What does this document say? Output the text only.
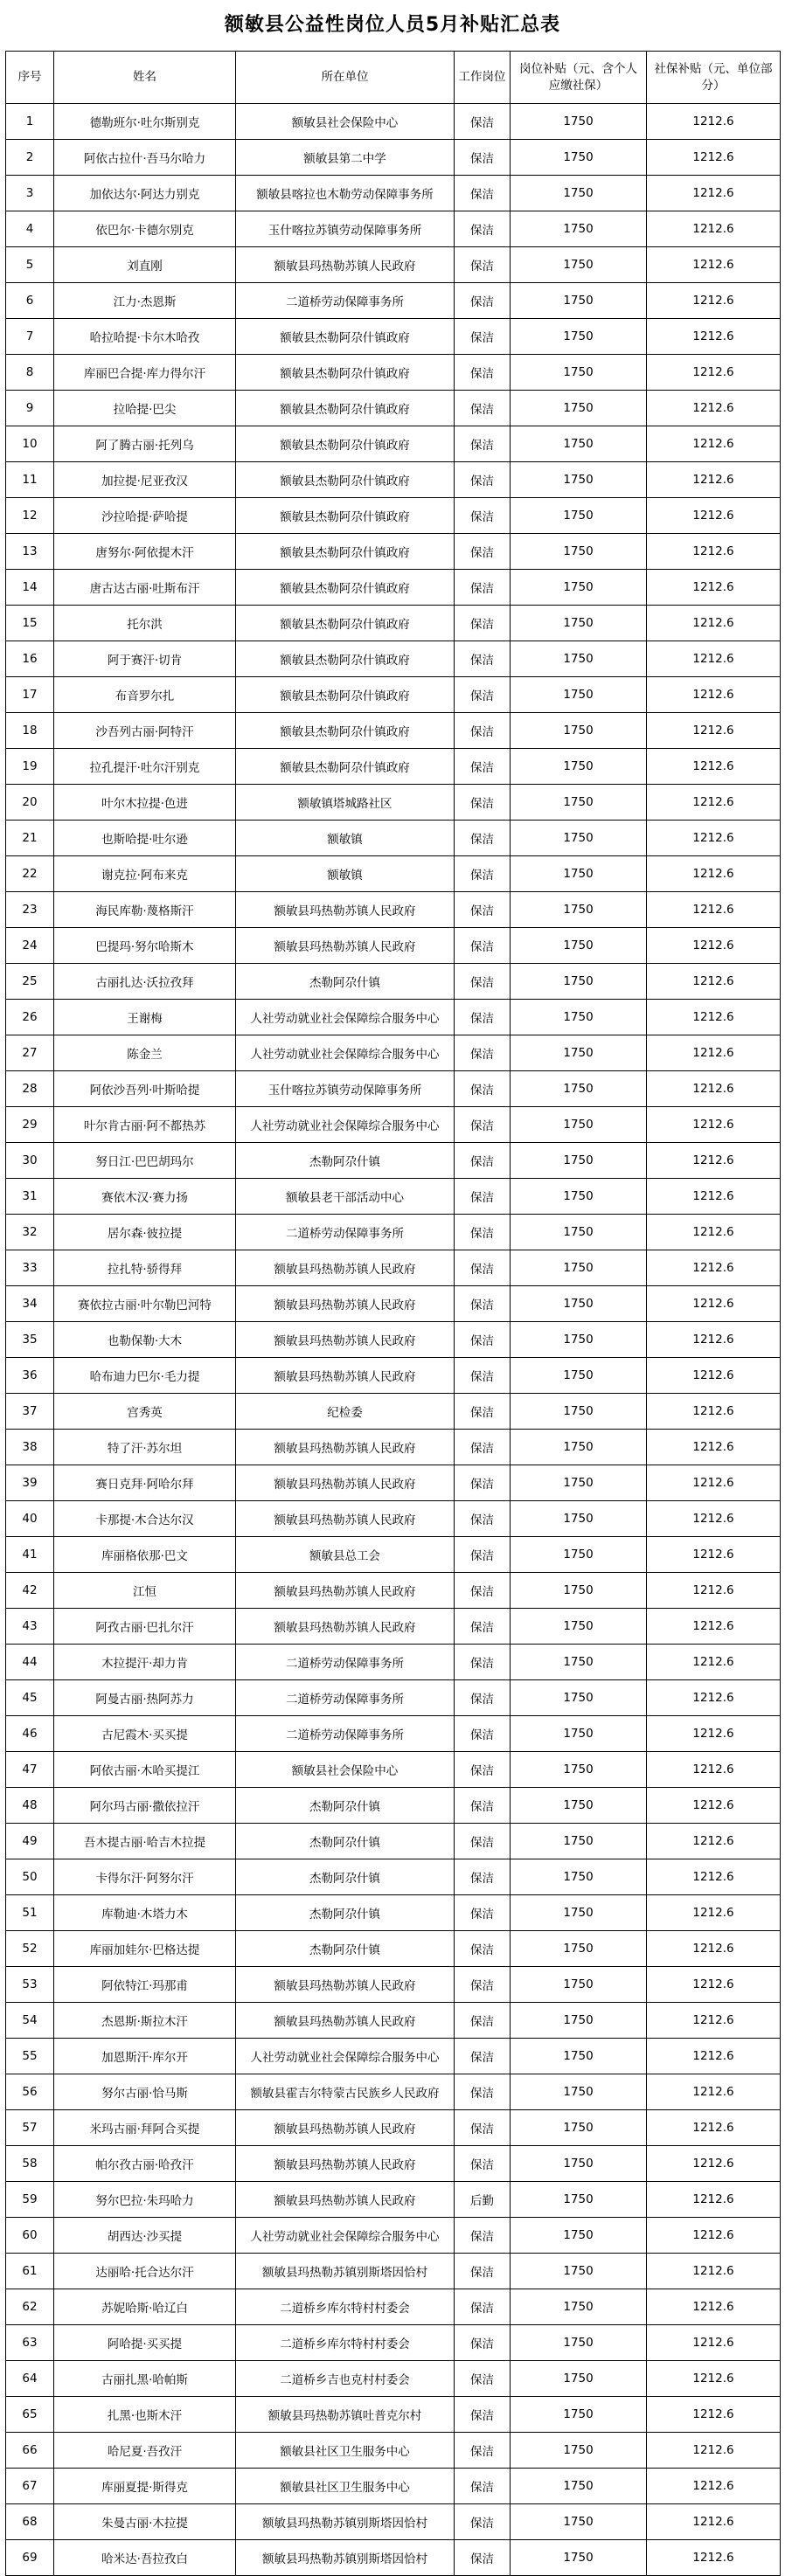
额敏县公益性岗位人员5月补贴汇总表
序号	姓名	所在单位	工作岗位	岗位补贴（元、含个人应缴社保）	社保补贴（元、单位部分）
1	德勒班尔·吐尔斯别克	额敏县社会保险中心	保洁	1750	1212.6
2	阿依古拉什·吾马尔哈力	额敏县第二中学	保洁	1750	1212.6
3	加依达尔·阿达力别克	额敏县喀拉也木勒劳动保障事务所	保洁	1750	1212.6
4	依巴尔·卡德尔别克	玉什喀拉苏镇劳动保障事务所	保洁	1750	1212.6
5	刘直刚	额敏县玛热勒苏镇人民政府	保洁	1750	1212.6
6	江力·杰恩斯	二道桥劳动保障事务所	保洁	1750	1212.6
7	哈拉哈提·卡尔木哈孜	额敏县杰勒阿尕什镇政府	保洁	1750	1212.6
8	库丽巴合提·库力得尔汗	额敏县杰勒阿尕什镇政府	保洁	1750	1212.6
9	拉哈提·巴尖	额敏县杰勒阿尕什镇政府	保洁	1750	1212.6
10	阿了腾古丽·托列乌	额敏县杰勒阿尕什镇政府	保洁	1750	1212.6
11	加拉提·尼亚孜汉	额敏县杰勒阿尕什镇政府	保洁	1750	1212.6
12	沙拉哈提·萨哈提	额敏县杰勒阿尕什镇政府	保洁	1750	1212.6
13	唐努尔·阿依提木汗	额敏县杰勒阿尕什镇政府	保洁	1750	1212.6
14	唐古达古丽·吐斯布汗	额敏县杰勒阿尕什镇政府	保洁	1750	1212.6
15	托尔洪	额敏县杰勒阿尕什镇政府	保洁	1750	1212.6
16	阿于赛汗·切肯	额敏县杰勒阿尕什镇政府	保洁	1750	1212.6
17	布音罗尔扎	额敏县杰勒阿尕什镇政府	保洁	1750	1212.6
18	沙吾列古丽·阿特汗	额敏县杰勒阿尕什镇政府	保洁	1750	1212.6
19	拉孔提汗·吐尔汗别克	额敏县杰勒阿尕什镇政府	保洁	1750	1212.6
20	叶尔木拉提·色进	额敏镇塔城路社区	保洁	1750	1212.6
21	也斯哈提·吐尔逊	额敏镇	保洁	1750	1212.6
22	谢克拉·阿布来克	额敏镇	保洁	1750	1212.6
23	海民库勒·蔑格斯汗	额敏县玛热勒苏镇人民政府	保洁	1750	1212.6
24	巴提玛·努尔哈斯木	额敏县玛热勒苏镇人民政府	保洁	1750	1212.6
25	古丽扎达·沃拉孜拜	杰勒阿尕什镇	保洁	1750	1212.6
26	王谢梅	人社劳动就业社会保障综合服务中心	保洁	1750	1212.6
27	陈金兰	人社劳动就业社会保障综合服务中心	保洁	1750	1212.6
28	阿依沙吾列·叶斯哈提	玉什喀拉苏镇劳动保障事务所	保洁	1750	1212.6
29	叶尔肯古丽·阿不都热苏	人社劳动就业社会保障综合服务中心	保洁	1750	1212.6
30	努日江·巴巴胡玛尔	杰勒阿尕什镇	保洁	1750	1212.6
31	赛依木汉·赛力扬	额敏县老干部活动中心	保洁	1750	1212.6
32	居尔森·彼拉提	二道桥劳动保障事务所	保洁	1750	1212.6
33	拉扎特·骄得拜	额敏县玛热勒苏镇人民政府	保洁	1750	1212.6
34	赛依拉古丽·叶尔勒巴河特	额敏县玛热勒苏镇人民政府	保洁	1750	1212.6
35	也勒保勒·大木	额敏县玛热勒苏镇人民政府	保洁	1750	1212.6
36	哈布迪力巴尔·毛力提	额敏县玛热勒苏镇人民政府	保洁	1750	1212.6
37	宫秀英	纪检委	保洁	1750	1212.6
38	特了汗·苏尔坦	额敏县玛热勒苏镇人民政府	保洁	1750	1212.6
39	赛日克拜·阿哈尔拜	额敏县玛热勒苏镇人民政府	保洁	1750	1212.6
40	卡那提·木合达尔汉	额敏县玛热勒苏镇人民政府	保洁	1750	1212.6
41	库丽格依那·巴文	额敏县总工会	保洁	1750	1212.6
42	江恒	额敏县玛热勒苏镇人民政府	保洁	1750	1212.6
43	阿孜古丽·巴扎尔汗	额敏县玛热勒苏镇人民政府	保洁	1750	1212.6
44	木拉提汗·却力肯	二道桥劳动保障事务所	保洁	1750	1212.6
45	阿曼古丽·热阿苏力	二道桥劳动保障事务所	保洁	1750	1212.6
46	古尼霞木·买买提	二道桥劳动保障事务所	保洁	1750	1212.6
47	阿依古丽·木哈买提江	额敏县社会保险中心	保洁	1750	1212.6
48	阿尔玛古丽·撒依拉汗	杰勒阿尕什镇	保洁	1750	1212.6
49	吾木提古丽·哈吉木拉提	杰勒阿尕什镇	保洁	1750	1212.6
50	卡得尔汗·阿努尔汗	杰勒阿尕什镇	保洁	1750	1212.6
51	库勒迪·木塔力木	杰勒阿尕什镇	保洁	1750	1212.6
52	库丽加娃尔·巴格达提	杰勒阿尕什镇	保洁	1750	1212.6
53	阿依特江·玛那甫	额敏县玛热勒苏镇人民政府	保洁	1750	1212.6
54	杰恩斯·斯拉木汗	额敏县玛热勒苏镇人民政府	保洁	1750	1212.6
55	加恩斯汗·库尔开	人社劳动就业社会保障综合服务中心	保洁	1750	1212.6
56	努尔古丽·恰马斯	额敏县霍吉尔特蒙古民族乡人民政府	保洁	1750	1212.6
57	米玛古丽·拜阿合买提	额敏县玛热勒苏镇人民政府	保洁	1750	1212.6
58	帕尔孜古丽·哈孜汗	额敏县玛热勒苏镇人民政府	保洁	1750	1212.6
59	努尔巴拉·朱玛哈力	额敏县玛热勒苏镇人民政府	后勤	1750	1212.6
60	胡西达·沙买提	人社劳动就业社会保障综合服务中心	保洁	1750	1212.6
61	达丽哈·托合达尔汗	额敏县玛热勒苏镇别斯塔因恰村	保洁	1750	1212.6
62	苏妮哈斯·哈辽白	二道桥乡库尔特村村委会	保洁	1750	1212.6
63	阿哈提·买买提	二道桥乡库尔特村村委会	保洁	1750	1212.6
64	古丽扎黑·哈帕斯	二道桥乡吉也克村村委会	保洁	1750	1212.6
65	扎黑·也斯木汗	额敏县玛热勒苏镇吐普克尔村	保洁	1750	1212.6
66	哈尼夏·吾孜汗	额敏县社区卫生服务中心	保洁	1750	1212.6
67	库丽夏提·斯得克	额敏县社区卫生服务中心	保洁	1750	1212.6
68	朱曼古丽·木拉提	额敏县玛热勒苏镇别斯塔因恰村	保洁	1750	1212.6
69	哈米达·吾拉孜白	额敏县玛热勒苏镇别斯塔因恰村	保洁	1750	1212.6
